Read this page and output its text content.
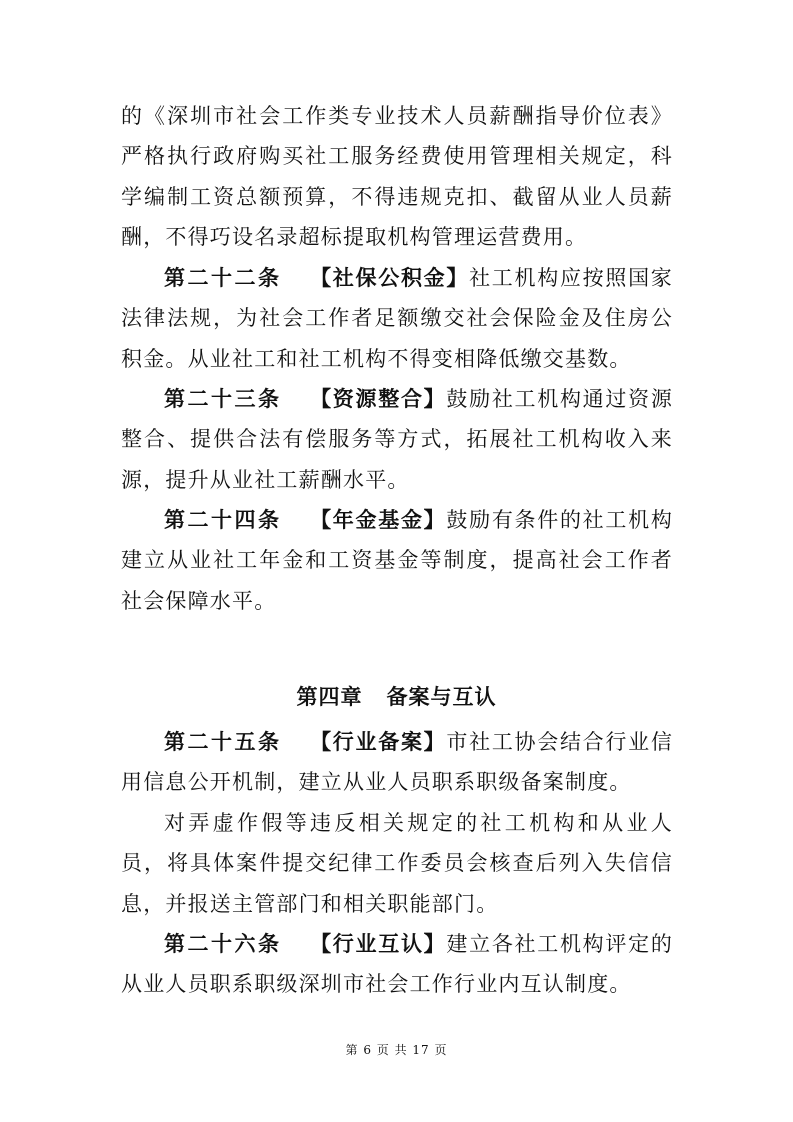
的《深圳市社会工作类专业技术人员薪酬指导价位表》严格执行政府购买社工服务经费使用管理相关规定，科学编制工资总额预算，不得违规克扣、截留从业人员薪酬，不得巧设名录超标提取机构管理运营费用。

第二十二条 【社保公积金】社工机构应按照国家法律法规，为社会工作者足额缴交社会保险金及住房公积金。从业社工和社工机构不得变相降低缴交基数。

第二十三条 【资源整合】鼓励社工机构通过资源整合、提供合法有偿服务等方式，拓展社工机构收入来源，提升从业社工薪酬水平。

第二十四条 【年金基金】鼓励有条件的社工机构建立从业社工年金和工资基金等制度，提高社会工作者社会保障水平。

第四章 备案与互认

第二十五条 【行业备案】市社工协会结合行业信用信息公开机制，建立从业人员职系职级备案制度。

对弄虚作假等违反相关规定的社工机构和从业人员，将具体案件提交纪律工作委员会核查后列入失信信息，并报送主管部门和相关职能部门。

第二十六条 【行业互认】建立各社工机构评定的从业人员职系职级深圳市社会工作行业内互认制度。

第 6 页 共 17 页
